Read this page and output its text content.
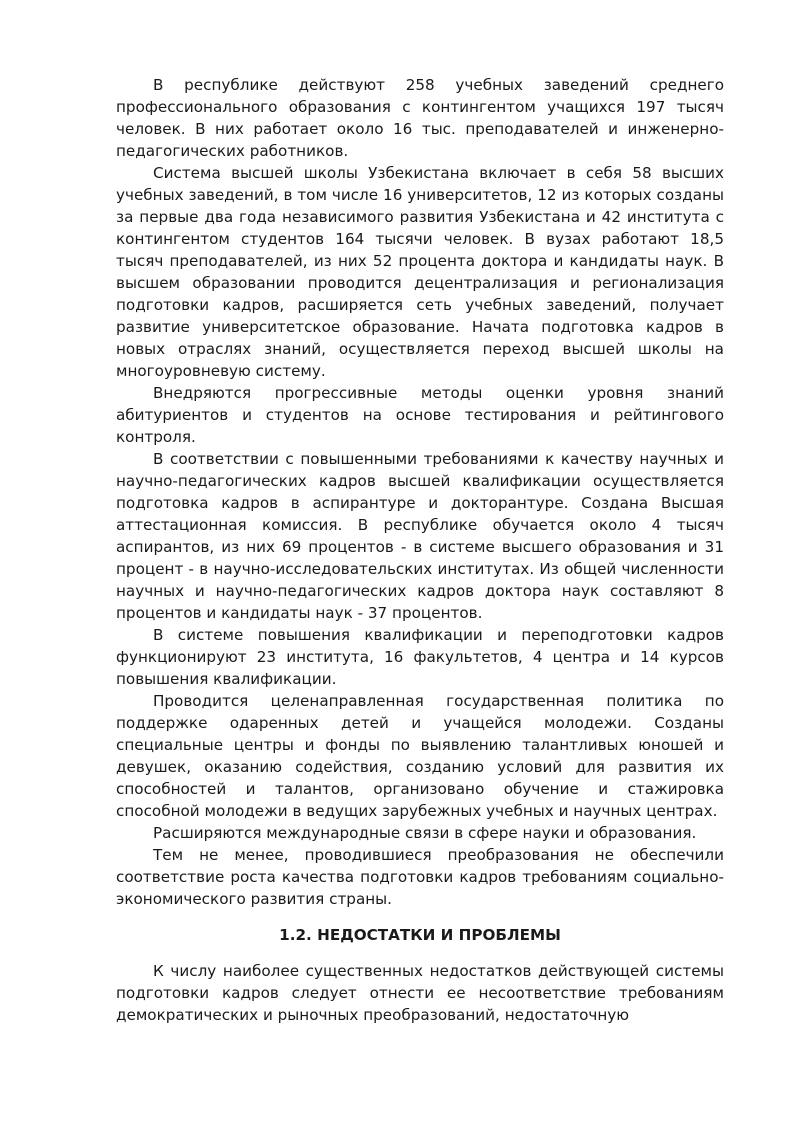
В республике действуют 258 учебных заведений среднего профессионального образования с контингентом учащихся 197 тысяч человек. В них работает около 16 тыс. преподавателей и инженерно-педагогических работников.

Система высшей школы Узбекистана включает в себя 58 высших учебных заведений, в том числе 16 университетов, 12 из которых созданы за первые два года независимого развития Узбекистана и 42 института с контингентом студентов 164 тысячи человек. В вузах работают 18,5 тысяч преподавателей, из них 52 процента доктора и кандидаты наук. В высшем образовании проводится децентрализация и регионализация подготовки кадров, расширяется сеть учебных заведений, получает развитие университетское образование. Начата подготовка кадров в новых отраслях знаний, осуществляется переход высшей школы на многоуровневую систему.

Внедряются прогрессивные методы оценки уровня знаний абитуриентов и студентов на основе тестирования и рейтингового контроля.

В соответствии с повышенными требованиями к качеству научных и научно-педагогических кадров высшей квалификации осуществляется подготовка кадров в аспирантуре и докторантуре. Создана Высшая аттестационная комиссия. В республике обучается около 4 тысяч аспирантов, из них 69 процентов - в системе высшего образования и 31 процент - в научно-исследовательских институтах. Из общей численности научных и научно-педагогических кадров доктора наук составляют 8 процентов и кандидаты наук - 37 процентов.

В системе повышения квалификации и переподготовки кадров функционируют 23 института, 16 факультетов, 4 центра и 14 курсов повышения квалификации.

Проводится целенаправленная государственная политика по поддержке одаренных детей и учащейся молодежи. Созданы специальные центры и фонды по выявлению талантливых юношей и девушек, оказанию содействия, созданию условий для развития их способностей и талантов, организовано обучение и стажировка способной молодежи в ведущих зарубежных учебных и научных центрах.

Расширяются международные связи в сфере науки и образования.

Тем не менее, проводившиеся преобразования не обеспечили соответствие роста качества подготовки кадров требованиям социально-экономического развития страны.

1.2. НЕДОСТАТКИ И ПРОБЛЕМЫ

К числу наиболее существенных недостатков действующей системы подготовки кадров следует отнести ее несоответствие требованиям демократических и рыночных преобразований, недостаточную
